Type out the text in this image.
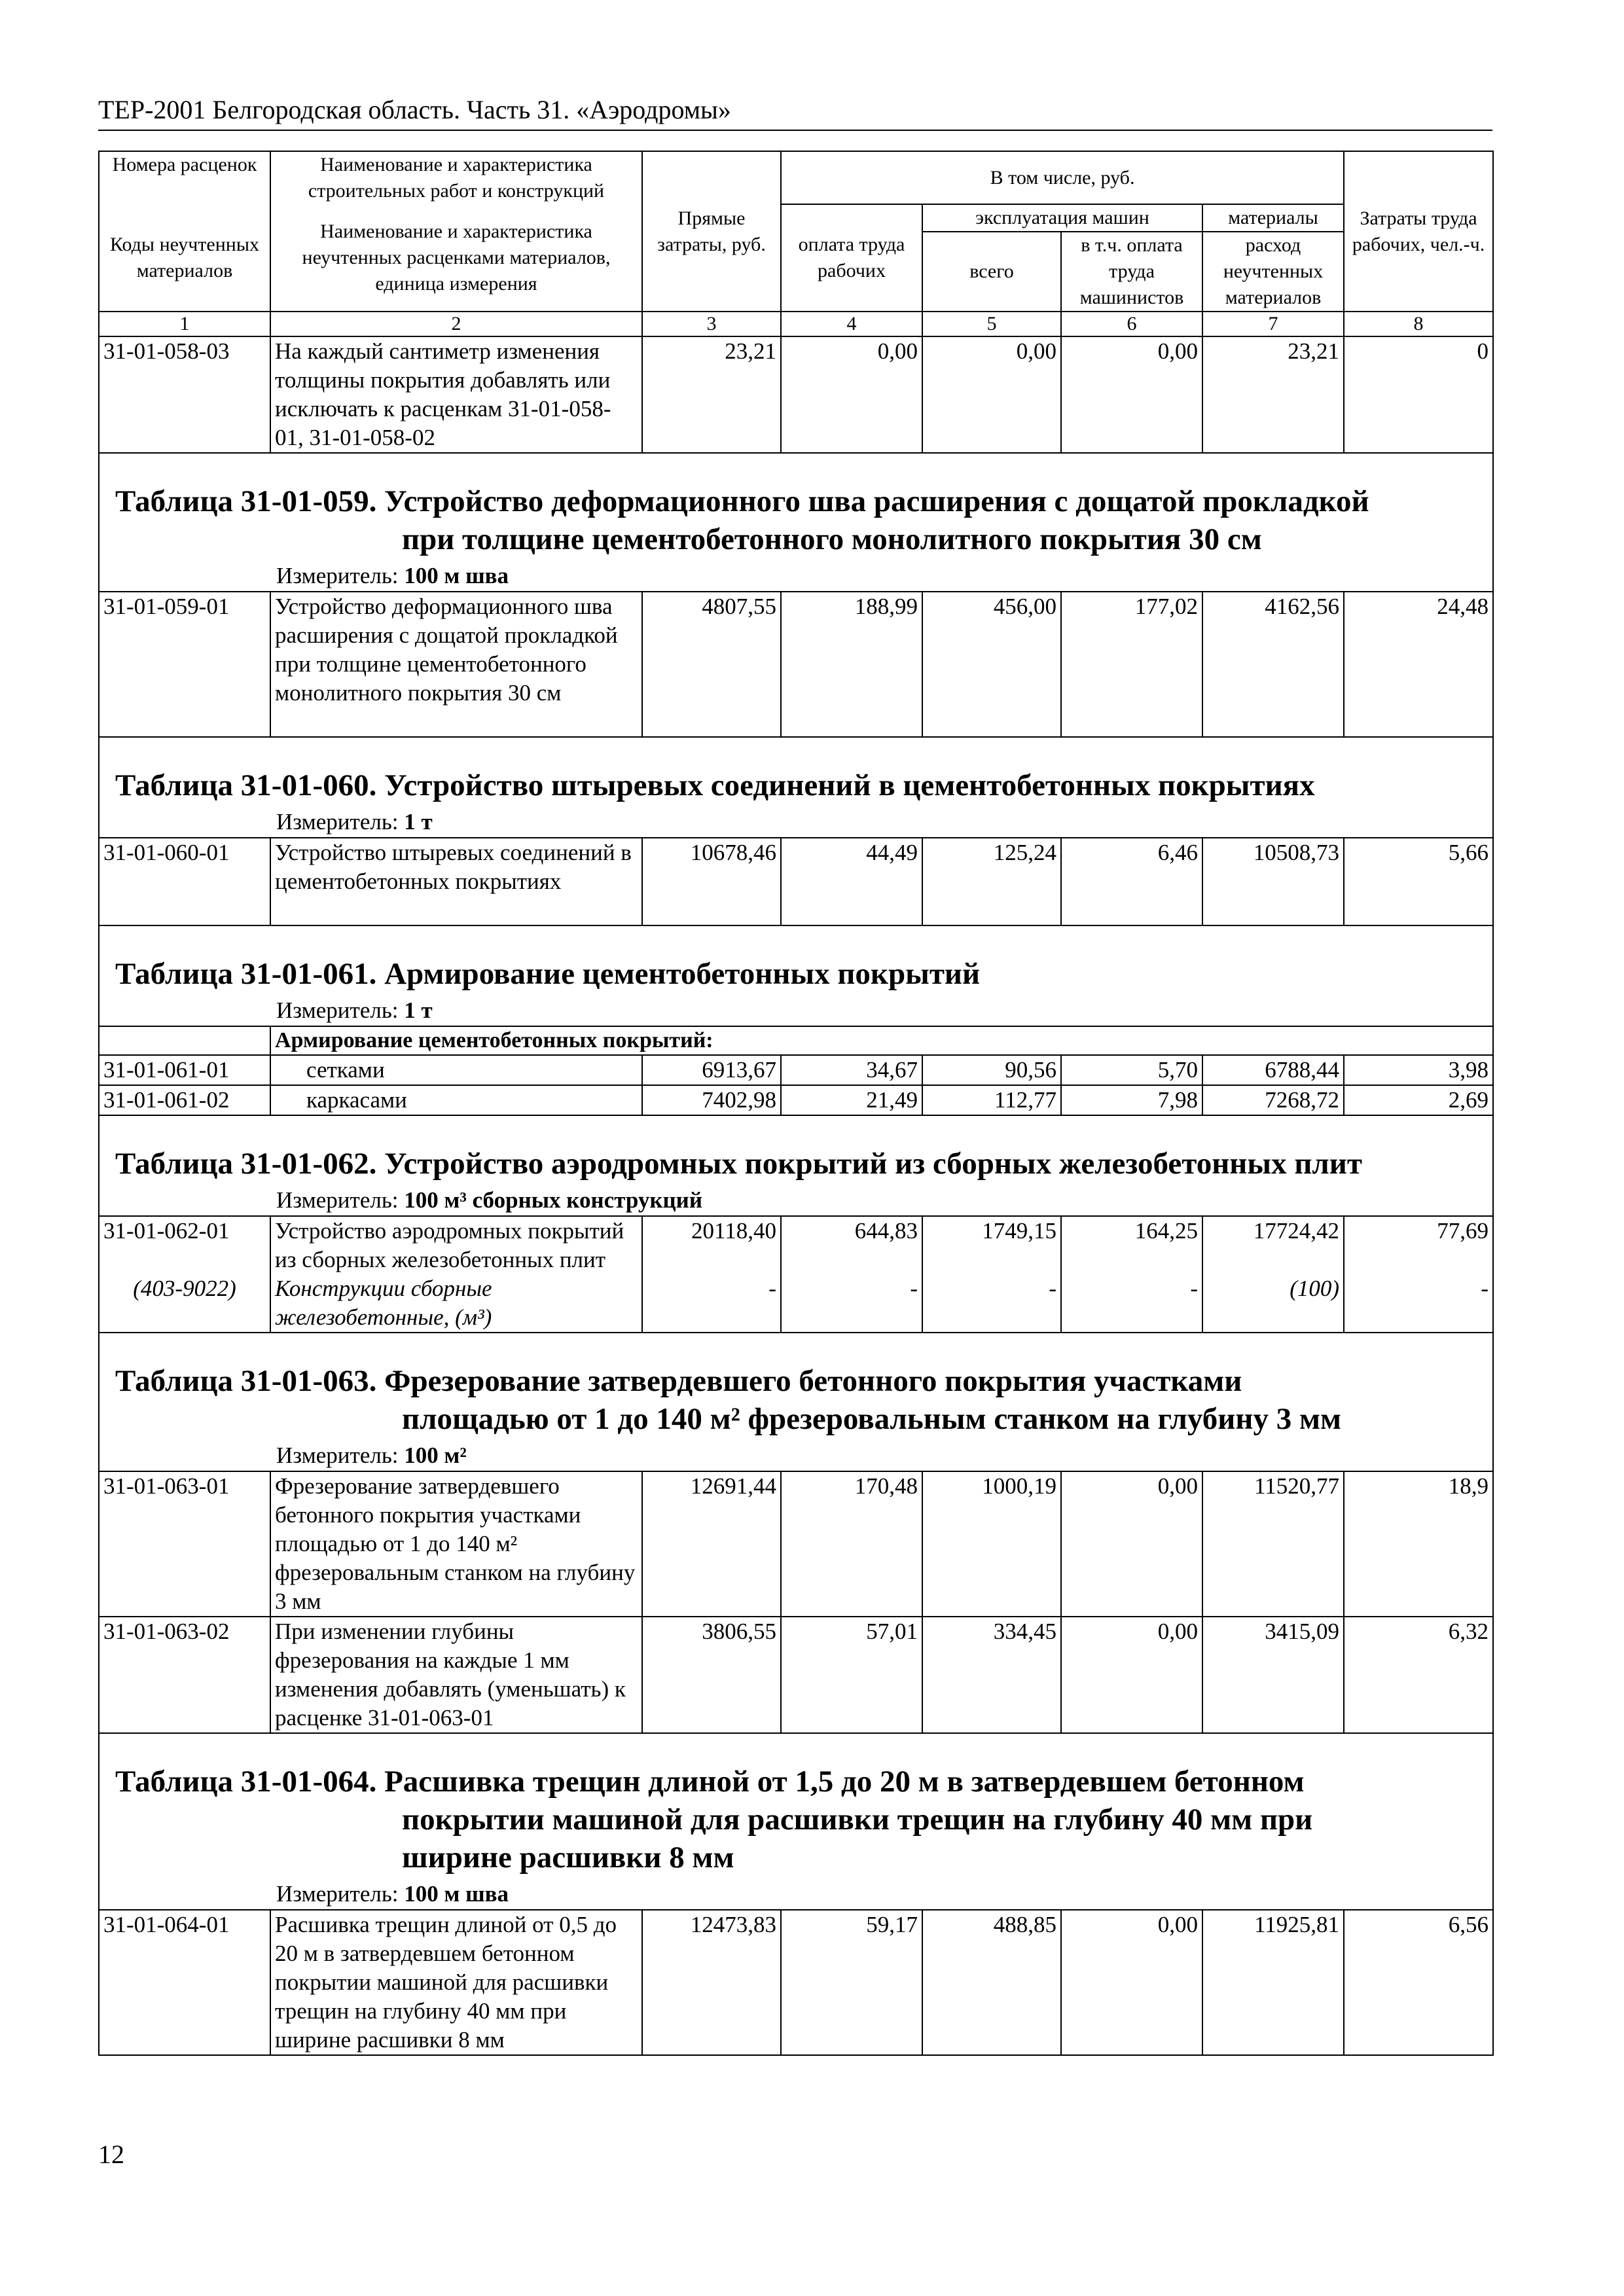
ТЕР-2001 Белгородская область. Часть 31. «Аэродромы»
Номера расценок	Наименование и характеристика строительных работ и конструкций	Прямые затраты, руб.	В том числе, руб.				Затраты труда рабочих, чел.-ч.
Коды неучтенных материалов	Наименование и характеристика неучтенных расценками материалов, единица измерения		оплата труда рабочих	эксплуатация машин		материалы	
				всего	в т.ч. оплата труда машинистов	расход неучтенных материалов	
1	2	3	4	5	6	7	8
31-01-058-03	На каждый сантиметр изменения толщины покрытия добавлять или исключать к расценкам 31-01-058-01, 31-01-058-02	23,21	0,00	0,00	0,00	23,21	0

Таблица 31-01-059. Устройство деформационного шва расширения с дощатой прокладкой
при толщине цементобетонного монолитного покрытия 30 см							

Измеритель: 100 м шва							
31-01-059-01	Устройство деформационного шва расширения с дощатой прокладкой при толщине цементобетонного монолитного покрытия 30 см	4807,55	188,99	456,00	177,02	4162,56	24,48

Таблица 31-01-060. Устройство штыревых соединений в цементобетонных покрытиях							

Измеритель: 1 т							
31-01-060-01	Устройство штыревых соединений в цементобетонных покрытиях	10678,46	44,49	125,24	6,46	10508,73	5,66

Таблица 31-01-061. Армирование цементобетонных покрытий							

Измеритель: 1 т							
	Армирование цементобетонных покрытий:						
31-01-061-01	сетками	6913,67	34,67	90,56	5,70	6788,44	3,98
31-01-061-02	каркасами	7402,98	21,49	112,77	7,98	7268,72	2,69

Таблица 31-01-062. Устройство аэродромных покрытий из сборных железобетонных плит							

Измеритель: 100 м³ сборных конструкций							
31-01-062-01	Устройство аэродромных покрытий из сборных железобетонных плит	20118,40	644,83	1749,15	164,25	17724,42	77,69
(403-9022)	Конструкции сборные железобетонные, (м³)	-	-	-	-	(100)	-

Таблица 31-01-063. Фрезерование затвердевшего бетонного покрытия участками
площадью от 1 до 140 м² фрезеровальным станком на глубину 3 мм							

Измеритель: 100 м²							
31-01-063-01	Фрезерование затвердевшего бетонного покрытия участками площадью от 1 до 140 м² фрезеровальным станком на глубину 3 мм	12691,44	170,48	1000,19	0,00	11520,77	18,9
31-01-063-02	При изменении глубины фрезерования на каждые 1 мм изменения добавлять (уменьшать) к расценке 31-01-063-01	3806,55	57,01	334,45	0,00	3415,09	6,32

Таблица 31-01-064. Расшивка трещин длиной от 1,5 до 20 м в затвердевшем бетонном
покрытии машиной для расшивки трещин на глубину 40 мм при
ширине расшивки 8 мм							

Измеритель: 100 м шва							
31-01-064-01	Расшивка трещин длиной от 0,5 до 20 м в затвердевшем бетонном покрытии машиной для расшивки трещин на глубину 40 мм при ширине расшивки 8 мм	12473,83	59,17	488,85	0,00	11925,81	6,56
12
